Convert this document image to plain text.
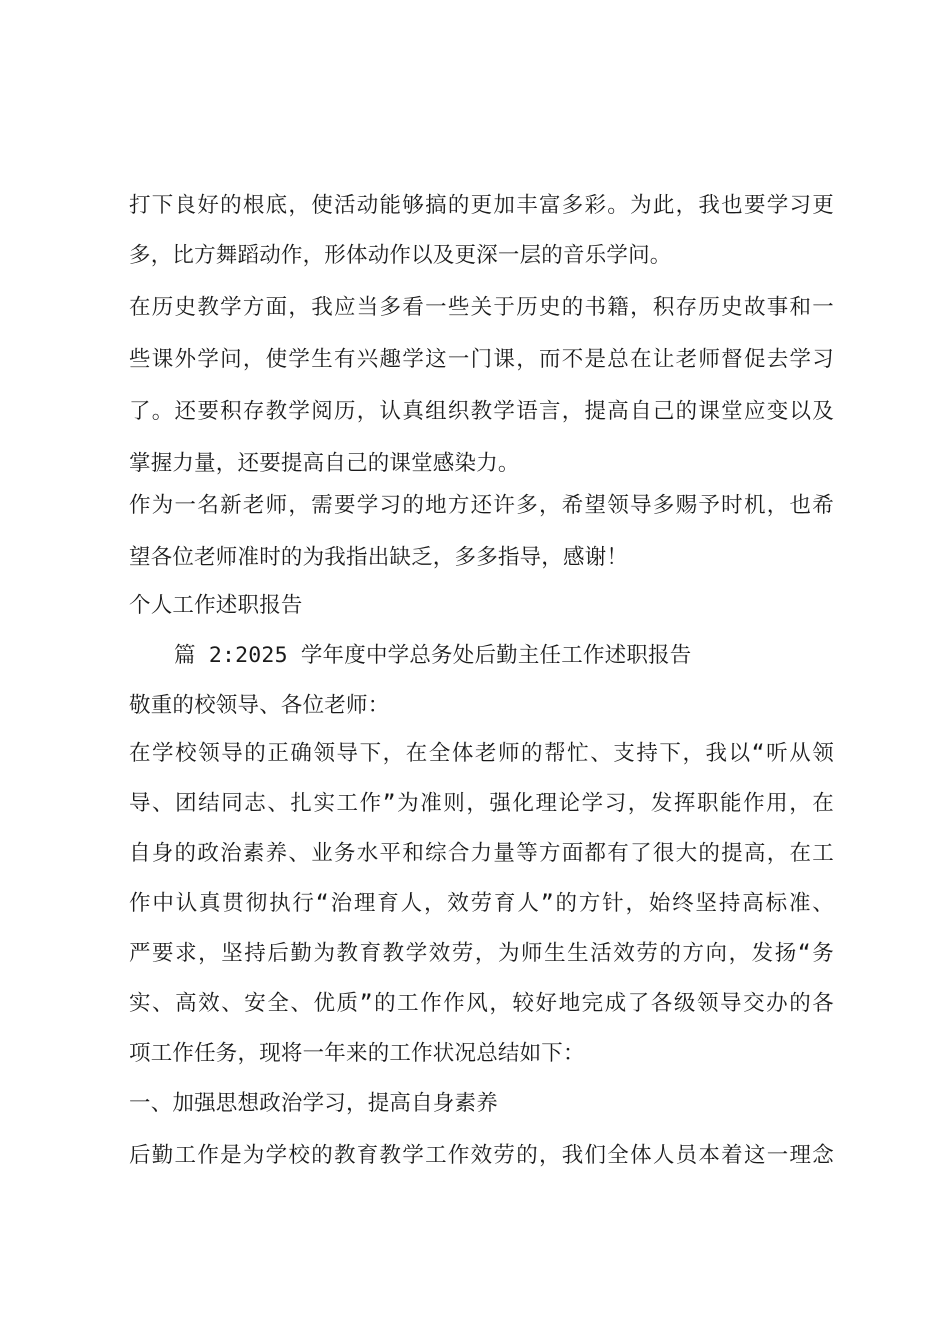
打下良好的根底，使活动能够搞的更加丰富多彩。为此，我也要学习更
多，比方舞蹈动作，形体动作以及更深一层的音乐学问。
在历史教学方面，我应当多看一些关于历史的书籍，积存历史故事和一
些课外学问，使学生有兴趣学这一门课，而不是总在让老师督促去学习
了。还要积存教学阅历，认真组织教学语言，提高自己的课堂应变以及
掌握力量，还要提高自己的课堂感染力。
作为一名新老师，需要学习的地方还许多，希望领导多赐予时机，也希
望各位老师准时的为我指出缺乏，多多指导，感谢！
个人工作述职报告
篇 2:2025 学年度中学总务处后勤主任工作述职报告
敬重的校领导、各位老师：
在学校领导的正确领导下，在全体老师的帮忙、支持下，我以“听从领
导、团结同志、扎实工作”为准则，强化理论学习，发挥职能作用，在
自身的政治素养、业务水平和综合力量等方面都有了很大的提高，在工
作中认真贯彻执行“治理育人，效劳育人”的方针，始终坚持高标准、
严要求，坚持后勤为教育教学效劳，为师生生活效劳的方向，发扬“务
实、高效、安全、优质”的工作作风，较好地完成了各级领导交办的各
项工作任务，现将一年来的工作状况总结如下：
一、加强思想政治学习，提高自身素养
后勤工作是为学校的教育教学工作效劳的，我们全体人员本着这一理念
